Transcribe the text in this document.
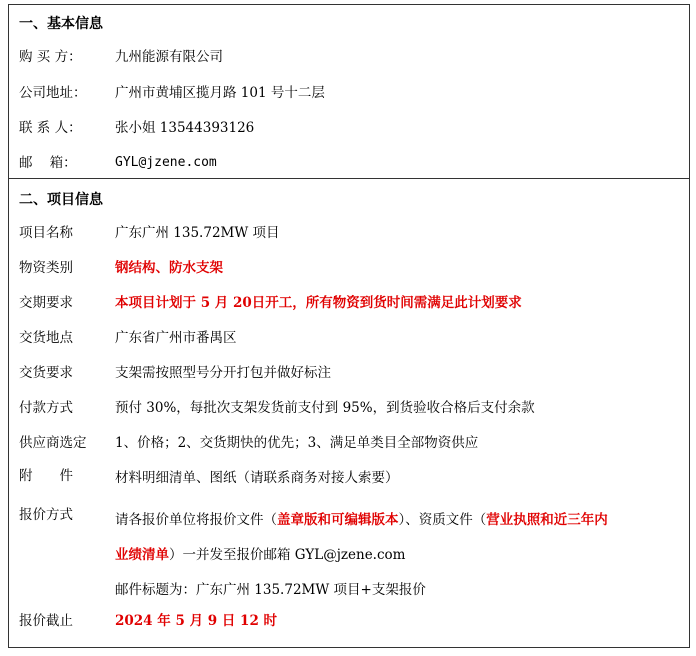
一、基本信息
购 买 方：	九州能源有限公司
公司地址：	广州市黄埔区揽月路 101 号十二层
联 系 人：	张小姐 13544393126
邮    箱：	GYL@jzene.com
二、项目信息
项目名称	广东广州 135.72MW 项目
物资类别	钢结构、防水支架
交期要求	本项目计划于 5 月 20日开工，所有物资到货时间需满足此计划要求
交货地点	广东省广州市番禺区
交货要求	支架需按照型号分开打包并做好标注
付款方式	预付 30%，每批次支架发货前支付到 95%，到货验收合格后支付余款
供应商选定	1、价格；2、交货期快的优先；3、满足单类目全部物资供应
附　　件	材料明细清单、图纸（请联系商务对接人索要）
报价方式	请各报价单位将报价文件（盖章版和可编辑版本）、资质文件（营业执照和近三年内
业绩清单）一并发至报价邮箱 GYL@jzene.com
邮件标题为：广东广州 135.72MW 项目+支架报价
报价截止	2024 年 5 月 9 日 12 时
